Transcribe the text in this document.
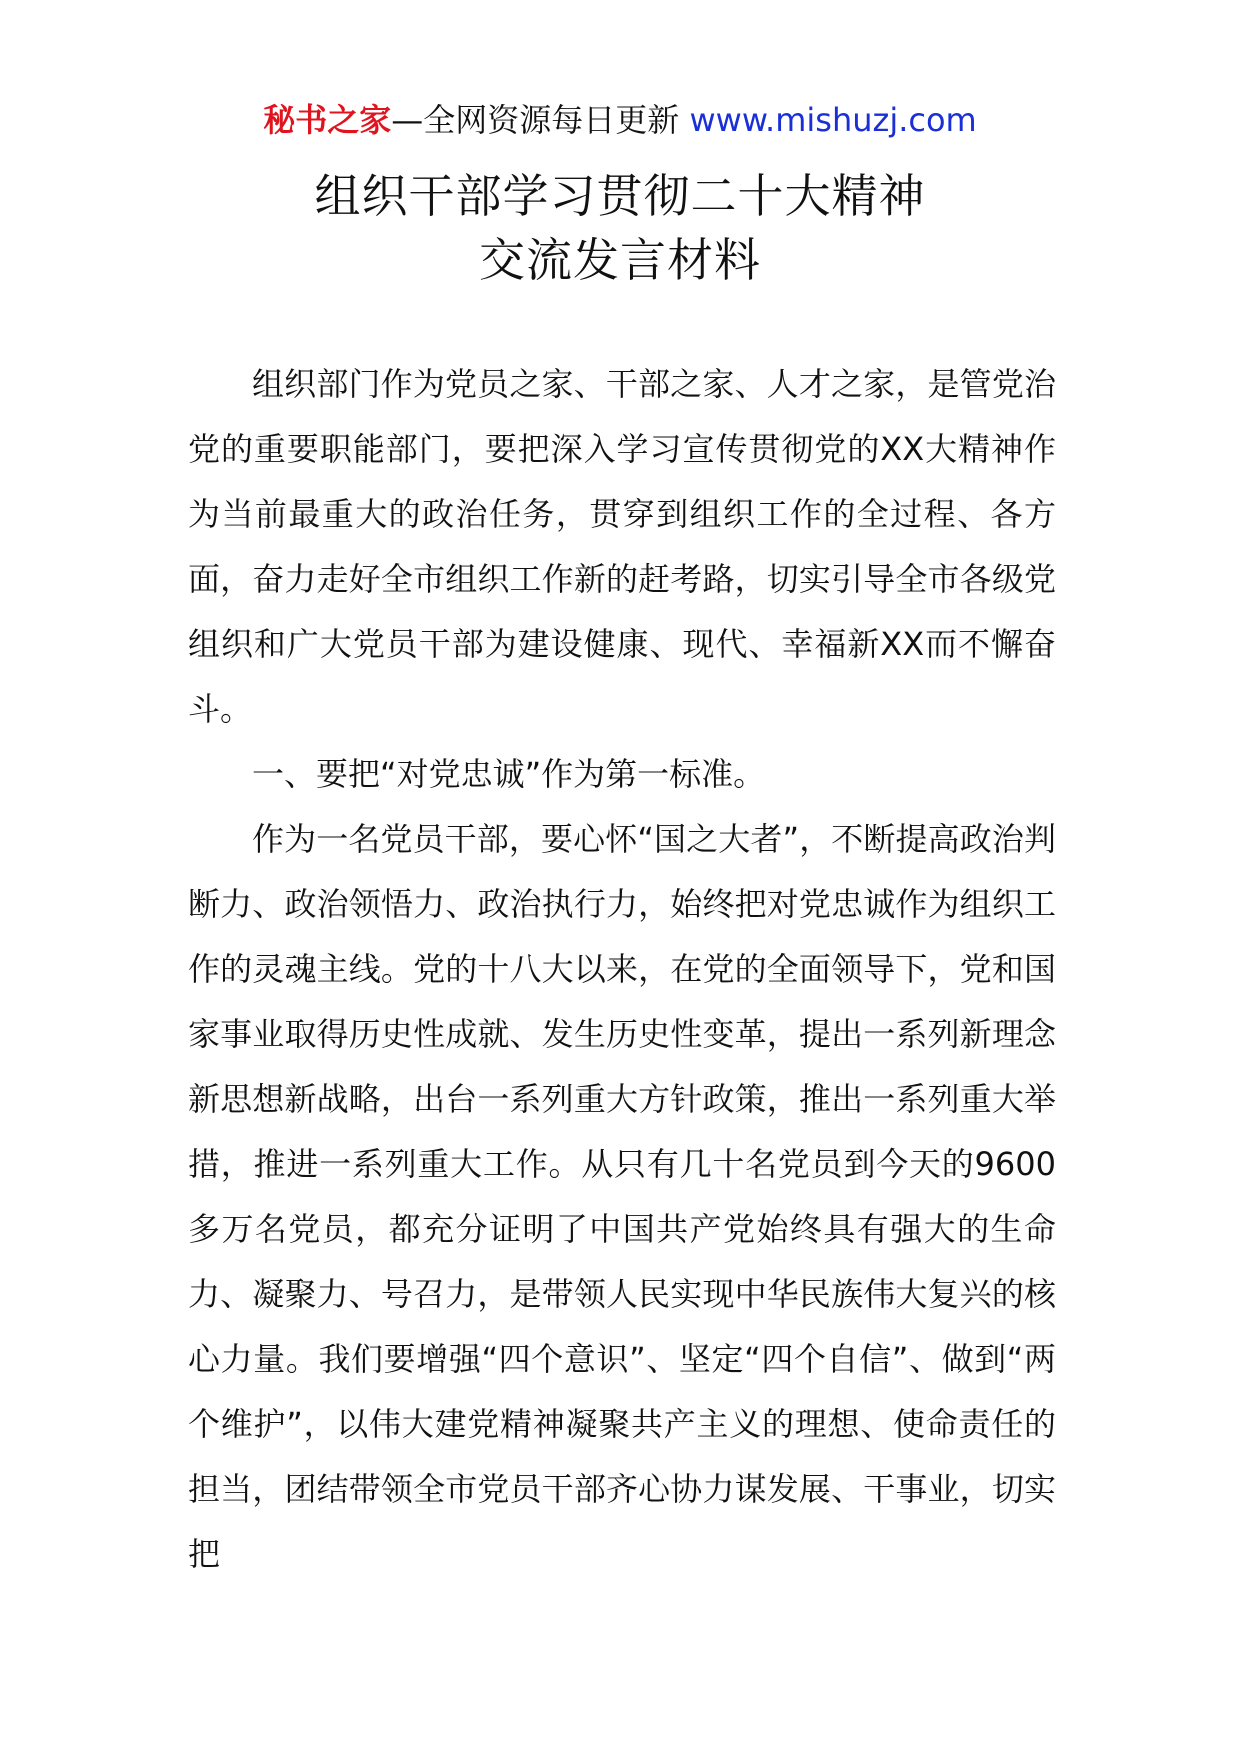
秘书之家—全网资源每日更新 www.mishuzj.com
组织干部学习贯彻二十大精神
交流发言材料

组织部门作为党员之家、干部之家、人才之家，是管党治党的重要职能部门，要把深入学习宣传贯彻党的XX大精神作为当前最重大的政治任务，贯穿到组织工作的全过程、各方面，奋力走好全市组织工作新的赶考路，切实引导全市各级党组织和广大党员干部为建设健康、现代、幸福新XX而不懈奋斗。

一、要把“对党忠诚”作为第一标准。

作为一名党员干部，要心怀“国之大者”，不断提高政治判断力、政治领悟力、政治执行力，始终把对党忠诚作为组织工作的灵魂主线。党的十八大以来，在党的全面领导下，党和国家事业取得历史性成就、发生历史性变革，提出一系列新理念新思想新战略，出台一系列重大方针政策，推出一系列重大举措，推进一系列重大工作。从只有几十名党员到今天的9600多万名党员，都充分证明了中国共产党始终具有强大的生命力、凝聚力、号召力，是带领人民实现中华民族伟大复兴的核心力量。我们要增强“四个意识”、坚定“四个自信”、做到“两个维护”，以伟大建党精神凝聚共产主义的理想、使命责任的担当，团结带领全市党员干部齐心协力谋发展、干事业，切实把
